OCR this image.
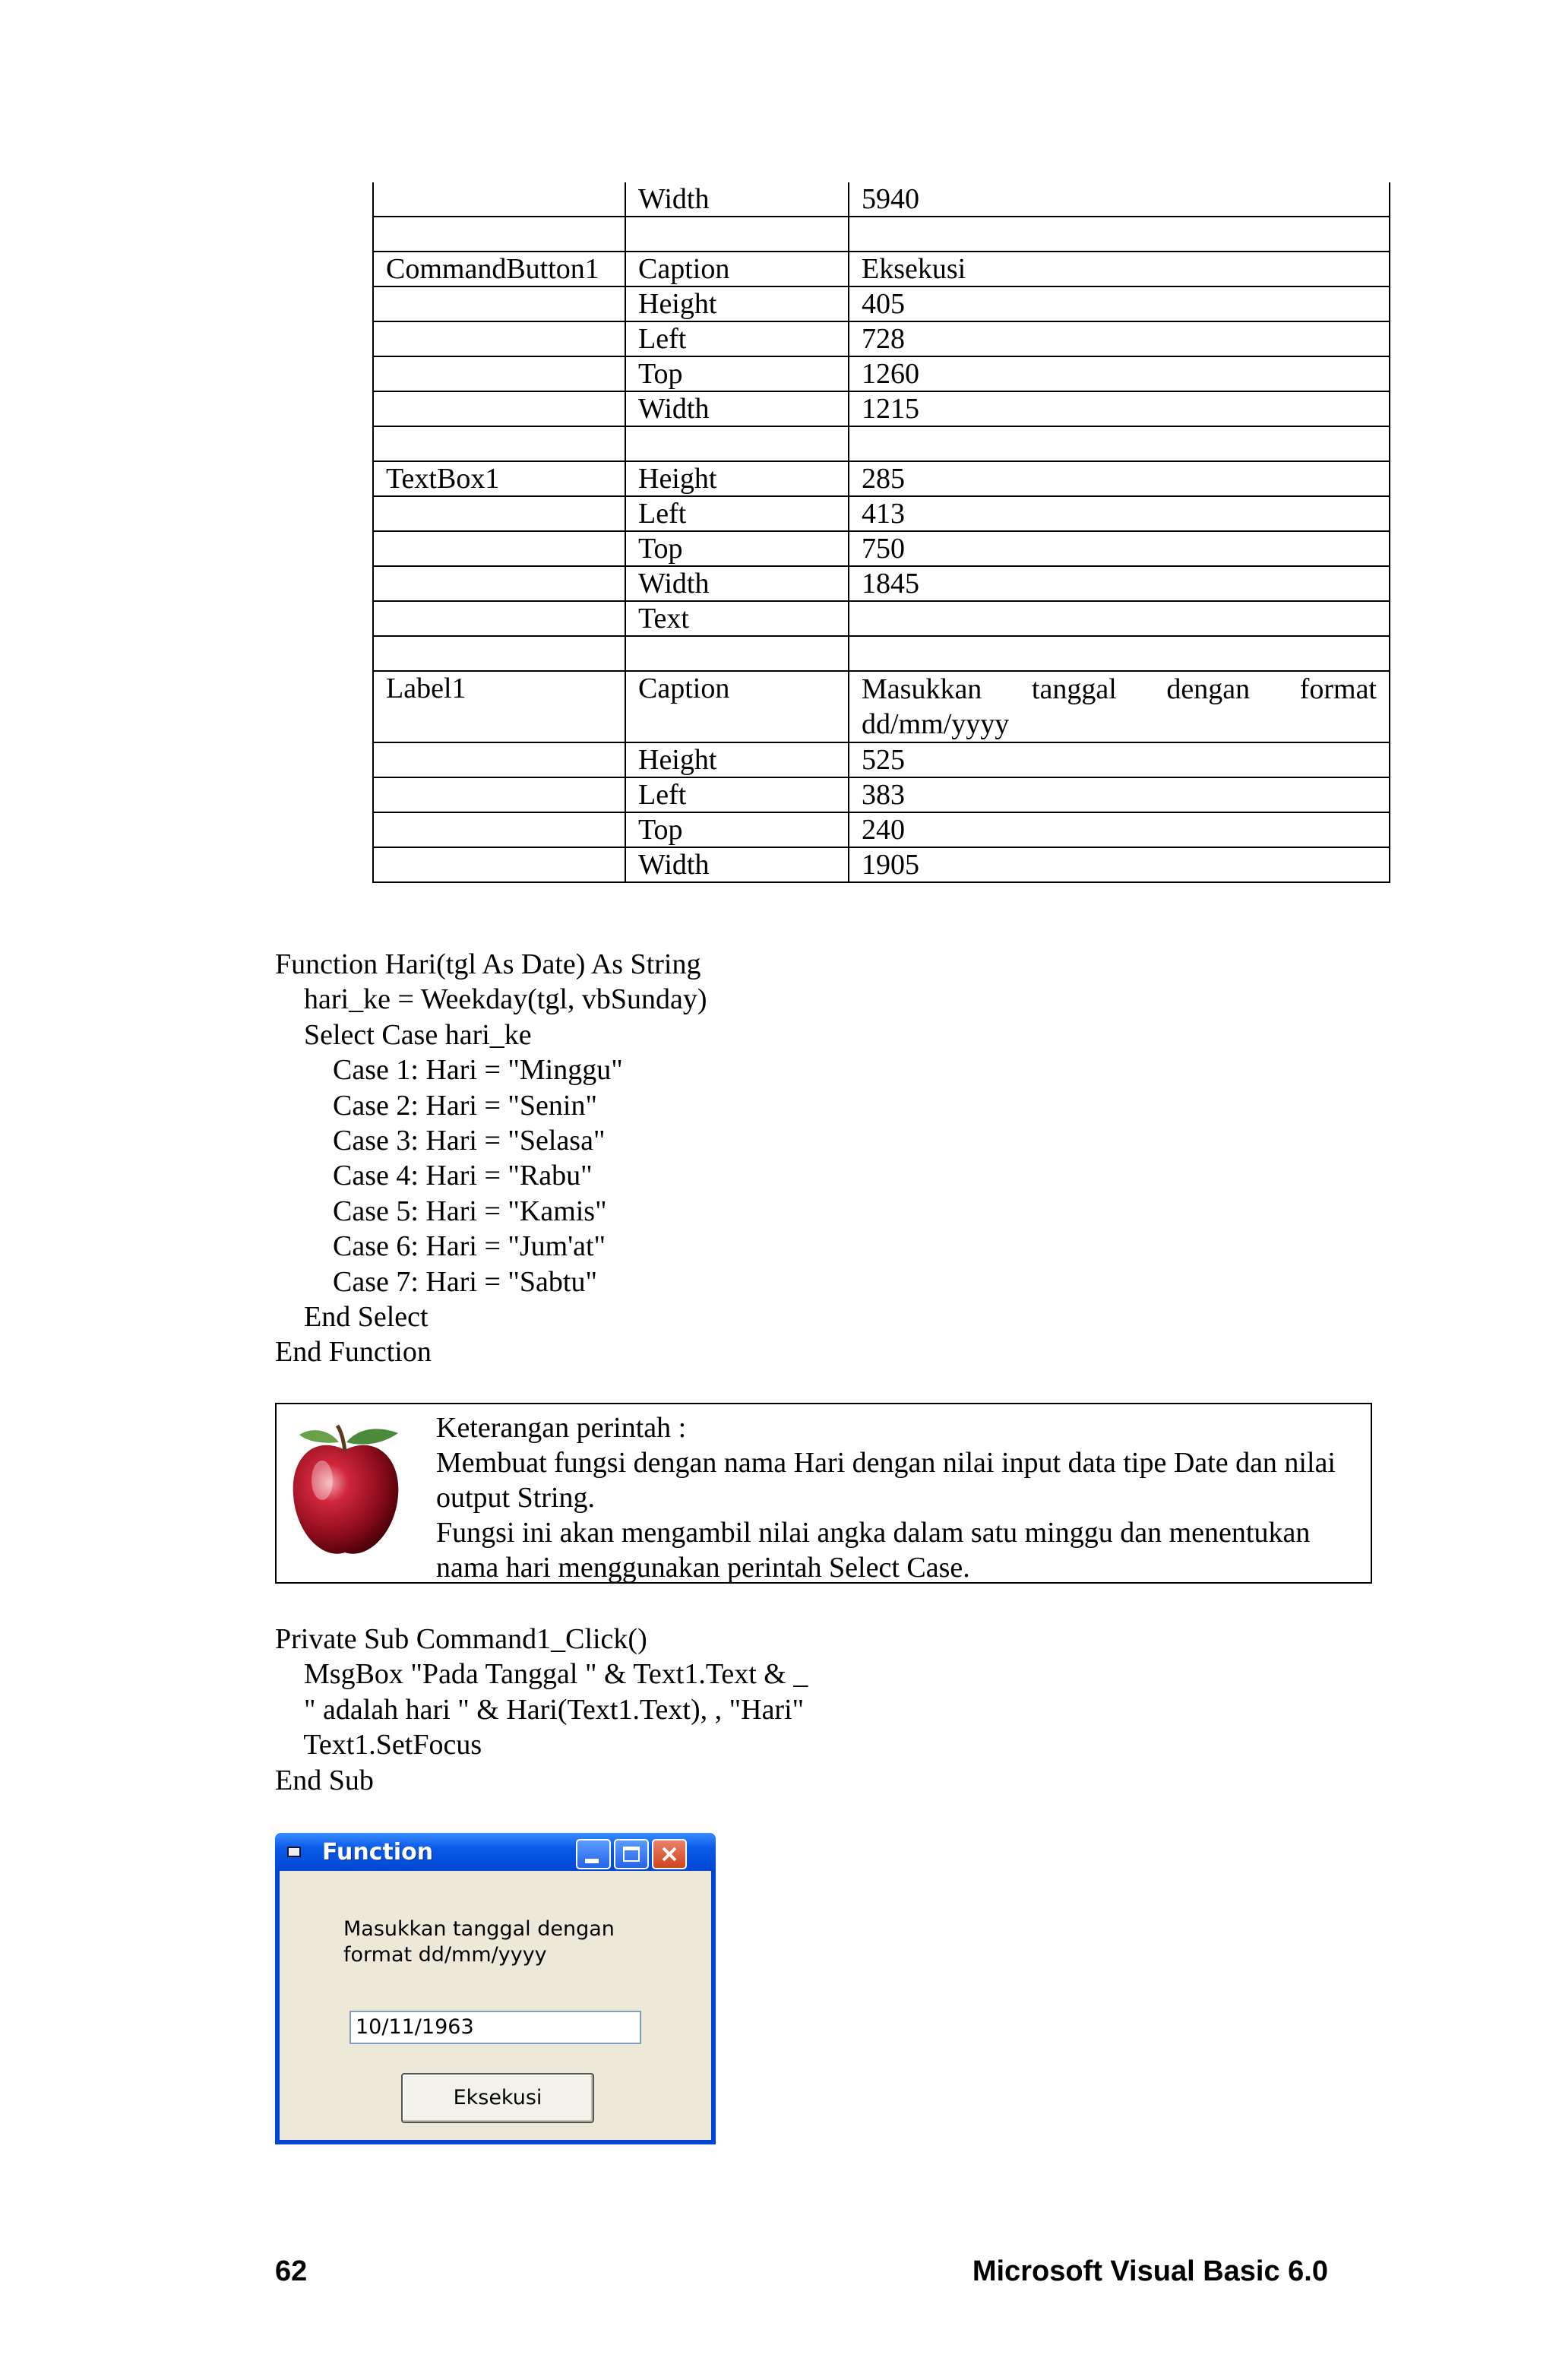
	Width	5940

CommandButton1	Caption	Eksekusi
	Height	405
	Left	728
	Top	1260
	Width	1215

TextBox1	Height	285
	Left	413
	Top	750
	Width	1845
	Text	

Label1	Caption	Masukkan tanggal dengan format dd/mm/yyyy
	Height	525
	Left	383
	Top	240
	Width	1905
Function Hari(tgl As Date) As String
hari_ke = Weekday(tgl, vbSunday)
Select Case hari_ke
Case 1: Hari = "Minggu"
Case 2: Hari = "Senin"
Case 3: Hari = "Selasa"
Case 4: Hari = "Rabu"
Case 5: Hari = "Kamis"
Case 6: Hari = "Jum'at"
Case 7: Hari = "Sabtu"
End Select
End Function
Keterangan perintah :
Membuat fungsi dengan nama Hari dengan nilai input data tipe Date dan nilai output String.
Fungsi ini akan mengambil nilai angka dalam satu minggu dan menentukan nama hari menggunakan perintah Select Case.
Private Sub Command1_Click()
MsgBox "Pada Tanggal " & Text1.Text & _
" adalah hari " & Hari(Text1.Text), , "Hari"
Text1.SetFocus
End Sub
Function
Masukkan tanggal dengan format dd/mm/yyyy
10/11/1963
Eksekusi
62	Microsoft Visual Basic 6.0
